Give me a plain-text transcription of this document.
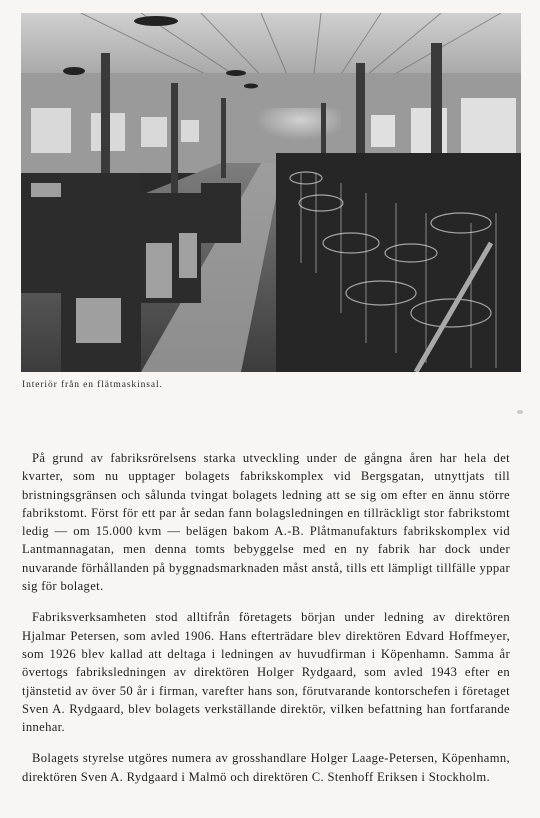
Interiör från en flätmaskinsal.

På grund av fabriksrörelsens starka utveckling under de gångna åren har hela det kvarter, som nu upptager bolagets fabrikskomplex vid Bergsgatan, utnyttjats till bristningsgränsen och sålunda tvingat bolagets ledning att se sig om efter en ännu större fabrikstomt. Först för ett par år sedan fann bolagsledningen en tillräckligt stor fabrikstomt ledig — om 15.000 kvm — belägen bakom A.-B. Plåtmanufakturs fabrikskomplex vid Lantmannagatan, men denna tomts bebyggelse med en ny fabrik har dock under nuvarande förhållanden på byggnadsmarknaden måst anstå, tills ett lämpligt tillfälle yppar sig för bolaget.

Fabriksverksamheten stod alltifrån företagets början under ledning av direktören Hjalmar Petersen, som avled 1906. Hans efterträdare blev direktören Edvard Hoffmeyer, som 1926 blev kallad att deltaga i ledningen av huvudfirman i Köpenhamn. Samma år övertogs fabriksledningen av direktören Holger Rydgaard, som avled 1943 efter en tjänstetid av över 50 år i firman, varefter hans son, förutvarande kontorschefen i företaget Sven A. Rydgaard, blev bolagets verkställande direktör, vilken befattning han fortfarande innehar.

Bolagets styrelse utgöres numera av grosshandlare Holger Laage-Petersen, Köpenhamn, direktören Sven A. Rydgaard i Malmö och direktören C. Stenhoff Eriksen i Stockholm.
